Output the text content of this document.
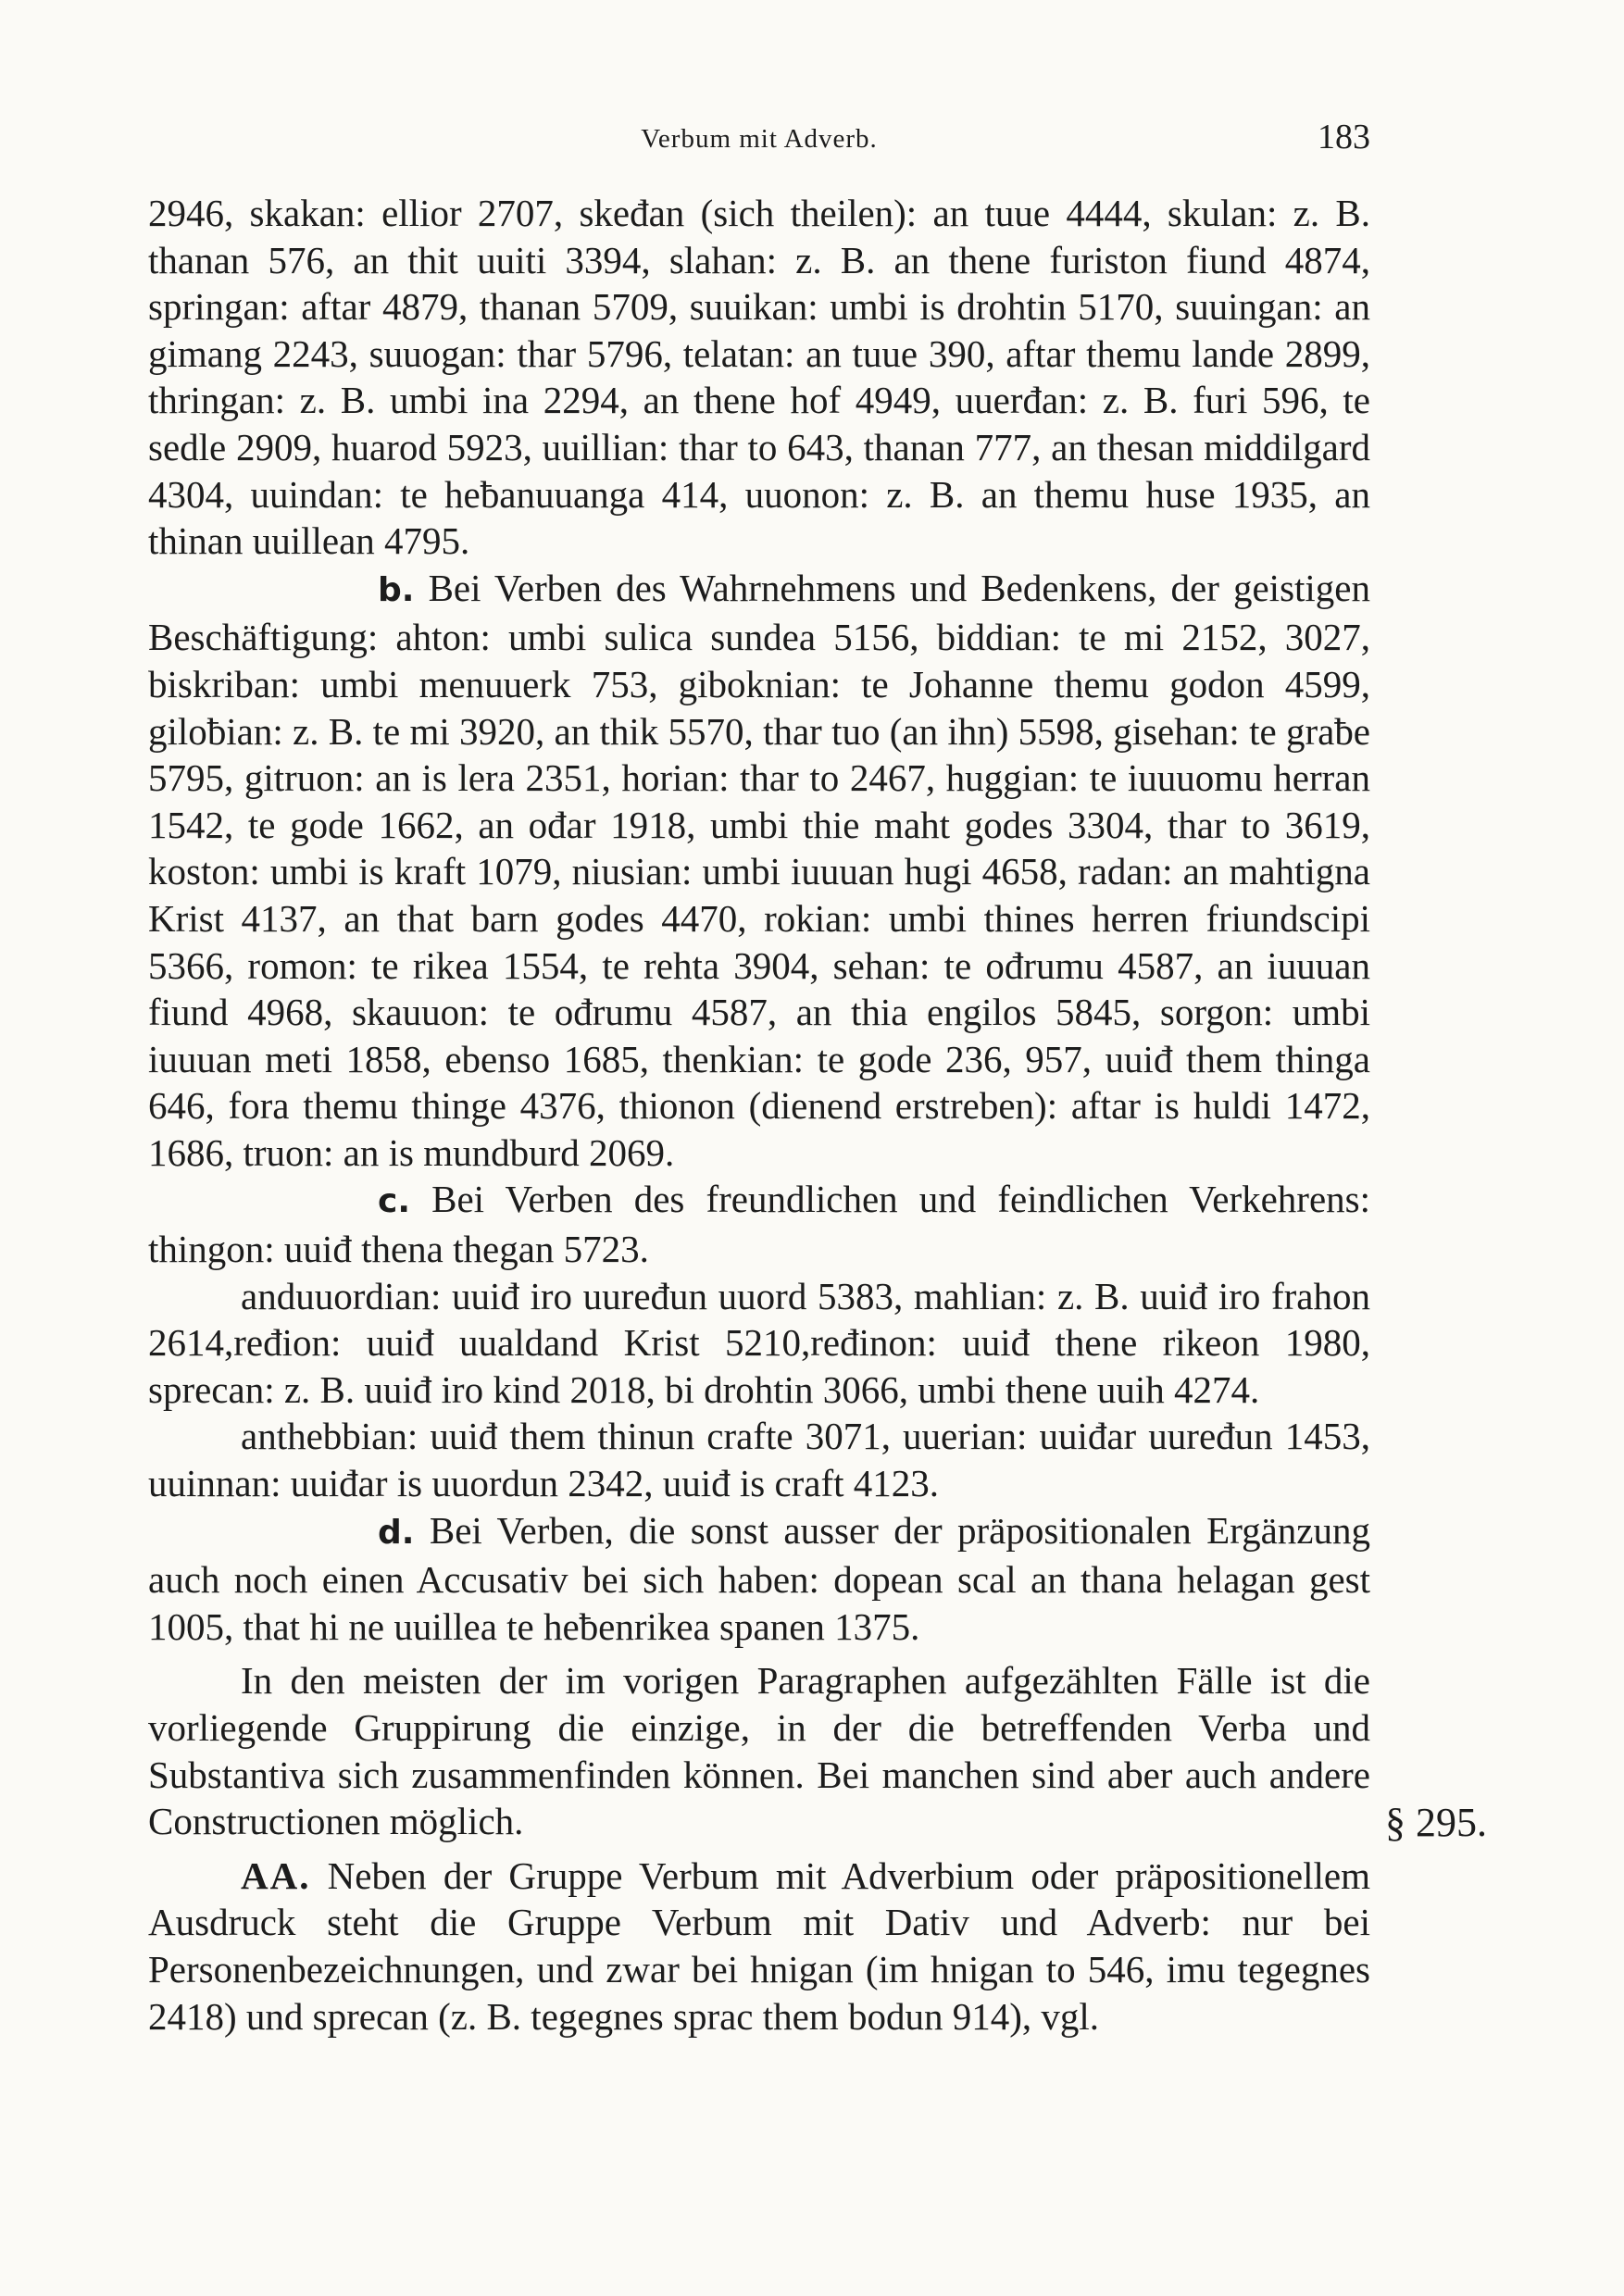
Verbum mit Adverb.	183

2946, skakan: ellior 2707, skeđan (sich theilen): an tuue 4444, skulan: z. B. thanan 576, an thit uuiti 3394, slahan: z. B. an thene furiston fiund 4874, springan: aftar 4879, thanan 5709, suuikan: umbi is drohtin 5170, suuingan: an gimang 2243, suuogan: thar 5796, telatan: an tuue 390, aftar themu lande 2899, thringan: z. B. umbi ina 2294, an thene hof 4949, uuerđan: z. B. furi 596, te sedle 2909, huarod 5923, uuillian: thar to 643, thanan 777, an thesan middilgard 4304, uuindan: te heƀanuuanga 414, uuonon: z. B. an themu huse 1935, an thinan uuillean 4795.

b. Bei Verben des Wahrnehmens und Bedenkens, der geistigen Beschäftigung: ahton: umbi sulica sundea 5156, biddian: te mi 2152, 3027, biskriban: umbi menuuerk 753, giboknian: te Johanne themu godon 4599, giloƀian: z. B. te mi 3920, an thik 5570, thar tuo (an ihn) 5598, gisehan: te graƀe 5795, gitruon: an is lera 2351, horian: thar to 2467, huggian: te iuuuomu herran 1542, te gode 1662, an ođar 1918, umbi thie maht godes 3304, thar to 3619, koston: umbi is kraft 1079, niusian: umbi iuuuan hugi 4658, radan: an mahtigna Krist 4137, an that barn godes 4470, rokian: umbi thines herren friundscipi 5366, romon: te rikea 1554, te rehta 3904, sehan: te ođrumu 4587, an iuuuan fiund 4968, skauuon: te ođrumu 4587, an thia engilos 5845, sorgon: umbi iuuuan meti 1858, ebenso 1685, thenkian: te gode 236, 957, uuiđ them thinga 646, fora themu thinge 4376, thionon (dienend erstreben): aftar is huldi 1472, 1686, truon: an is mundburd 2069.

c. Bei Verben des freundlichen und feindlichen Verkehrens: thingon: uuiđ thena thegan 5723.

anduuordian: uuiđ iro uuređun uuord 5383, mahlian: z. B. uuiđ iro frahon 2614,ređion: uuiđ uualdand Krist 5210,ređinon: uuiđ thene rikeon 1980, sprecan: z. B. uuiđ iro kind 2018, bi drohtin 3066, umbi thene uuih 4274.

anthebbian: uuiđ them thinun crafte 3071, uuerian: uuiđar uuređun 1453, uuinnan: uuiđar is uuordun 2342, uuiđ is craft 4123.

d. Bei Verben, die sonst ausser der präpositionalen Ergänzung auch noch einen Accusativ bei sich haben: dopean scal an thana helagan gest 1005, that hi ne uuillea te heƀenrikea spanen 1375.

In den meisten der im vorigen Paragraphen aufgezählten Fälle ist die vorliegende Gruppirung die einzige, in der die betreffenden Verba und Substantiva sich zusammenfinden können. Bei manchen sind aber auch andere Constructionen möglich.

AA. Neben der Gruppe Verbum mit Adverbium oder präpositionellem Ausdruck steht die Gruppe Verbum mit Dativ und Adverb: nur bei Personenbezeichnungen, und zwar bei hnigan (im hnigan to 546, imu tegegnes 2418) und sprecan (z. B. tegegnes sprac them bodun 914), vgl.

§ 295.
